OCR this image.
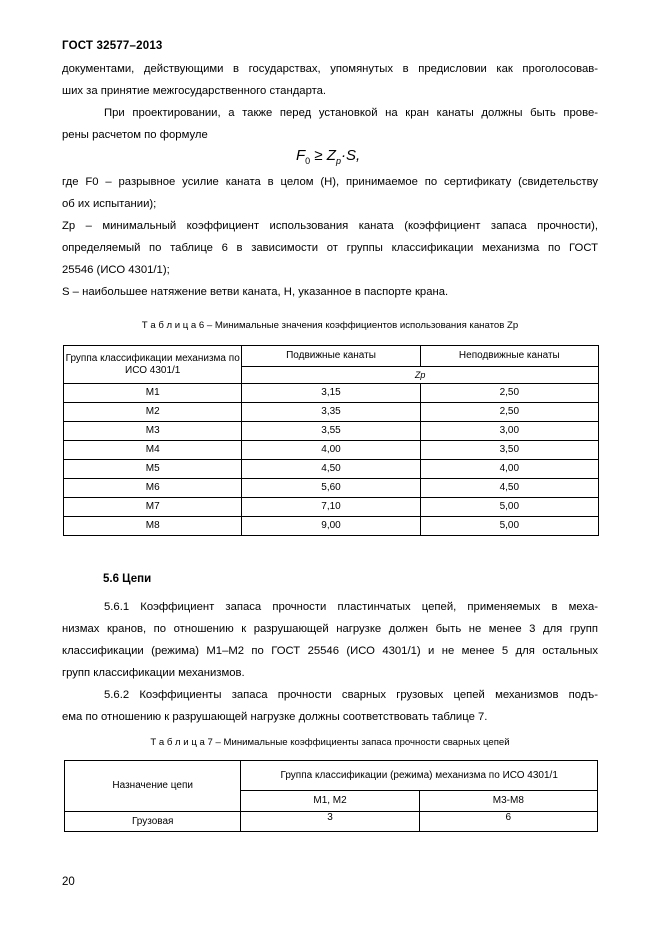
ГОСТ 32577–2013
документами, действующими в государствах, упомянутых в предисловии как проголосовав-
ших за принятие межгосударственного стандарта.
При проектировании, а также перед установкой на кран канаты должны быть прове-
рены расчетом по формуле
$F_0 \ge Z_p\cdot S$,
где F0 – разрывное усилие каната в целом (Н), принимаемое по сертификату (свидетельству
об их испытании);
Zp – минимальный коэффициент использования каната (коэффициент запаса прочности),
определяемый по таблице 6 в зависимости от группы классификации механизма по ГОСТ
25546 (ИСО 4301/1);
S – наибольшее натяжение ветви каната, Н, указанное в паспорте крана.
Т а б л и ц а 6 – Минимальные значения коэффициентов использования канатов Zp
Группа классификации механизма по ИСО 4301/1	Подвижные канаты	Неподвижные канаты
	Zp	
М1	3,15	2,50
М2	3,35	2,50
М3	3,55	3,00
М4	4,00	3,50
М5	4,50	4,00
М6	5,60	4,50
М7	7,10	5,00
М8	9,00	5,00
5.6 Цепи
5.6.1 Коэффициент запаса прочности пластинчатых цепей, применяемых в меха-
низмах кранов, по отношению к разрушающей нагрузке должен быть не менее 3 для групп
классификации (режима) М1–М2 по ГОСТ 25546 (ИСО 4301/1) и не менее 5 для остальных
групп классификации механизмов.
5.6.2 Коэффициенты запаса прочности сварных грузовых цепей механизмов подъ-
ема по отношению к разрушающей нагрузке должны соответствовать таблице 7.
Т а б л и ц а 7 – Минимальные коэффициенты запаса прочности сварных цепей
Назначение цепи	Группа классификации (режима) механизма по ИСО 4301/1	
	М1, М2	М3-М8
Грузовая	3	6
20
